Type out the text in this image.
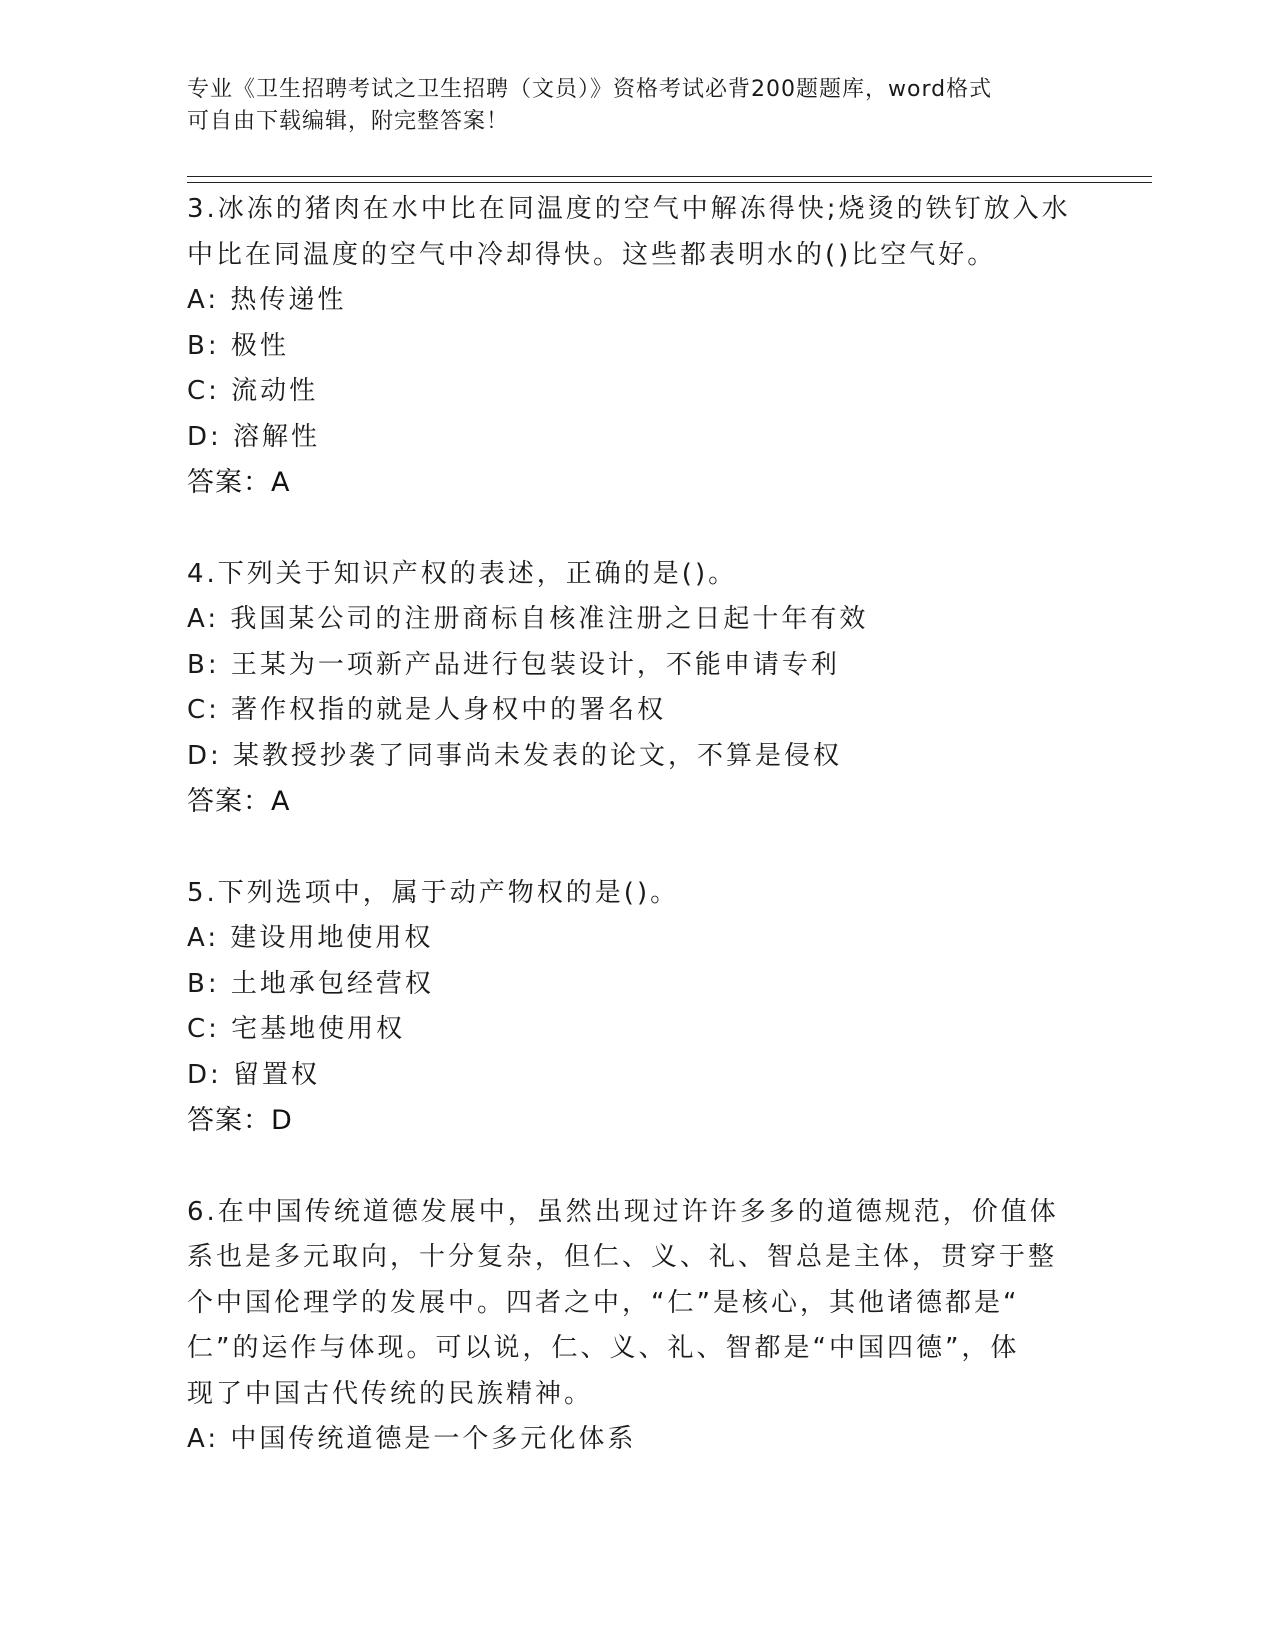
专业《卫生招聘考试之卫生招聘（文员）》资格考试必背200题题库，word格式
可自由下载编辑，附完整答案！
3.冰冻的猪肉在水中比在同温度的空气中解冻得快;烧烫的铁钉放入水
中比在同温度的空气中冷却得快。这些都表明水的()比空气好。
A: 热传递性
B: 极性
C: 流动性
D: 溶解性
答案：A
4.下列关于知识产权的表述，正确的是()。
A: 我国某公司的注册商标自核准注册之日起十年有效
B: 王某为一项新产品进行包装设计，不能申请专利
C: 著作权指的就是人身权中的署名权
D: 某教授抄袭了同事尚未发表的论文，不算是侵权
答案：A
5.下列选项中，属于动产物权的是()。
A: 建设用地使用权
B: 土地承包经营权
C: 宅基地使用权
D: 留置权
答案：D
6.在中国传统道德发展中，虽然出现过许许多多的道德规范，价值体
系也是多元取向，十分复杂，但仁、义、礼、智总是主体，贯穿于整
个中国伦理学的发展中。四者之中，“仁”是核心，其他诸德都是“
仁”的运作与体现。可以说，仁、义、礼、智都是“中国四德”，体
现了中国古代传统的民族精神。
A: 中国传统道德是一个多元化体系
